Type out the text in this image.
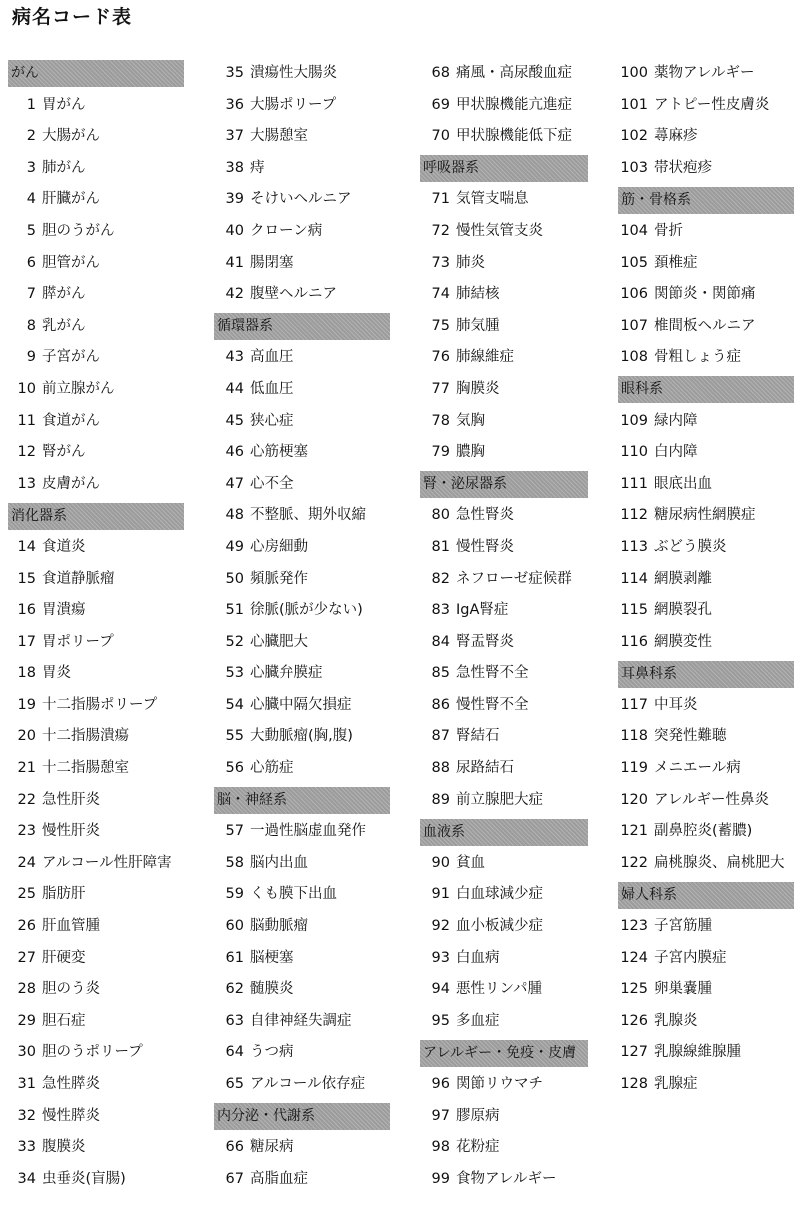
病名コード表
がん
1 胃がん
2 大腸がん
3 肺がん
4 肝臓がん
5 胆のうがん
6 胆管がん
7 膵がん
8 乳がん
9 子宮がん
10 前立腺がん
11 食道がん
12 腎がん
13 皮膚がん
消化器系
14 食道炎
15 食道静脈瘤
16 胃潰瘍
17 胃ポリープ
18 胃炎
19 十二指腸ポリープ
20 十二指腸潰瘍
21 十二指腸憩室
22 急性肝炎
23 慢性肝炎
24 アルコール性肝障害
25 脂肪肝
26 肝血管腫
27 肝硬変
28 胆のう炎
29 胆石症
30 胆のうポリープ
31 急性膵炎
32 慢性膵炎
33 腹膜炎
34 虫垂炎(盲腸)
35 潰瘍性大腸炎
36 大腸ポリープ
37 大腸憩室
38 痔
39 そけいヘルニア
40 クローン病
41 腸閉塞
42 腹壁ヘルニア
循環器系
43 高血圧
44 低血圧
45 狭心症
46 心筋梗塞
47 心不全
48 不整脈、期外収縮
49 心房細動
50 頻脈発作
51 徐脈(脈が少ない)
52 心臓肥大
53 心臓弁膜症
54 心臓中隔欠損症
55 大動脈瘤(胸,腹)
56 心筋症
脳・神経系
57 一過性脳虚血発作
58 脳内出血
59 くも膜下出血
60 脳動脈瘤
61 脳梗塞
62 髄膜炎
63 自律神経失調症
64 うつ病
65 アルコール依存症
内分泌・代謝系
66 糖尿病
67 高脂血症
68 痛風・高尿酸血症
69 甲状腺機能亢進症
70 甲状腺機能低下症
呼吸器系
71 気管支喘息
72 慢性気管支炎
73 肺炎
74 肺結核
75 肺気腫
76 肺線維症
77 胸膜炎
78 気胸
79 膿胸
腎・泌尿器系
80 急性腎炎
81 慢性腎炎
82 ネフローゼ症候群
83 IgA腎症
84 腎盂腎炎
85 急性腎不全
86 慢性腎不全
87 腎結石
88 尿路結石
89 前立腺肥大症
血液系
90 貧血
91 白血球減少症
92 血小板減少症
93 白血病
94 悪性リンパ腫
95 多血症
アレルギー・免疫・皮膚
96 関節リウマチ
97 膠原病
98 花粉症
99 食物アレルギー
100 薬物アレルギー
101 アトピー性皮膚炎
102 蕁麻疹
103 帯状疱疹
筋・骨格系
104 骨折
105 頚椎症
106 関節炎・関節痛
107 椎間板ヘルニア
108 骨粗しょう症
眼科系
109 緑内障
110 白内障
111 眼底出血
112 糖尿病性網膜症
113 ぶどう膜炎
114 網膜剥離
115 網膜裂孔
116 網膜変性
耳鼻科系
117 中耳炎
118 突発性難聴
119 メニエール病
120 アレルギー性鼻炎
121 副鼻腔炎(蓄膿)
122 扁桃腺炎、扁桃肥大
婦人科系
123 子宮筋腫
124 子宮内膜症
125 卵巣嚢腫
126 乳腺炎
127 乳腺線維腺腫
128 乳腺症
